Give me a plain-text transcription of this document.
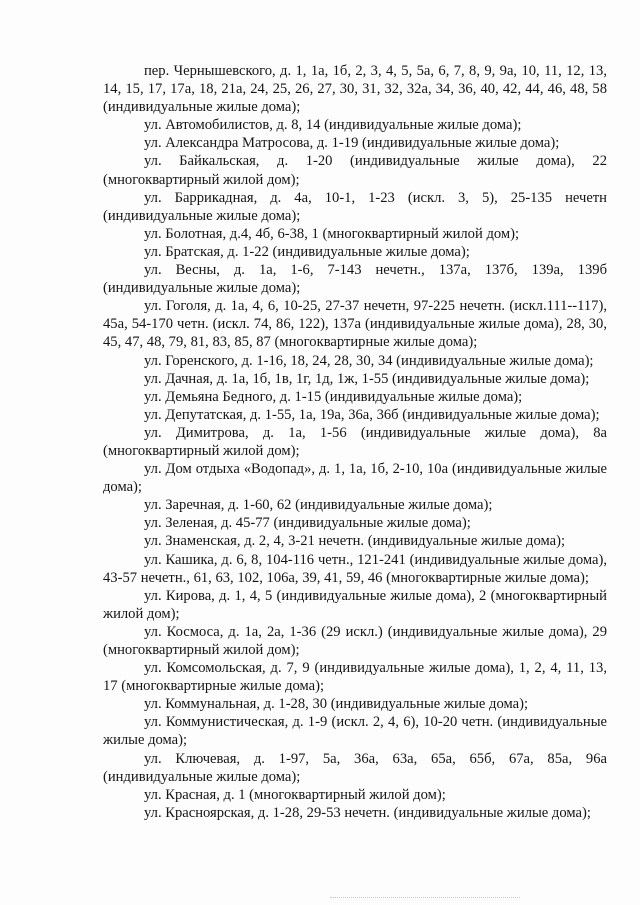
пер. Чернышевского, д. 1, 1а, 1б, 2, 3, 4, 5, 5а, 6, 7, 8, 9, 9а, 10, 11, 12, 13, 14, 15, 17, 17а, 18, 21а, 24, 25, 26, 27, 30, 31, 32, 32а, 34, 36, 40, 42, 44, 46, 48, 58 (индивидуальные жилые дома);

ул. Автомобилистов, д. 8, 14 (индивидуальные жилые дома);

ул. Александра Матросова, д. 1-19 (индивидуальные жилые дома);

ул. Байкальская, д. 1-20 (индивидуальные жилые дома), 22 (многоквартирный жилой дом);

ул. Баррикадная, д. 4а, 10-1, 1-23 (искл. 3, 5), 25-135 нечетн (индивидуальные жилые дома);

ул. Болотная, д.4, 4б, 6-38, 1 (многоквартирный жилой дом);

ул. Братская, д. 1-22 (индивидуальные жилые дома);

ул. Весны, д. 1а, 1-6, 7-143 нечетн., 137а, 137б, 139а, 139б (индивидуальные жилые дома);

ул. Гоголя, д. 1а, 4, 6, 10-25, 27-37 нечетн, 97-225 нечетн. (искл.111--117), 45а, 54-170 четн. (искл. 74, 86, 122), 137а (индивидуальные жилые дома), 28, 30, 45, 47, 48, 79, 81, 83, 85, 87 (многоквартирные жилые дома);

ул. Горенского, д. 1-16, 18, 24, 28, 30, 34 (индивидуальные жилые дома);

ул. Дачная, д. 1а, 1б, 1в, 1г, 1д, 1ж, 1-55 (индивидуальные жилые дома);

ул. Демьяна Бедного, д. 1-15 (индивидуальные жилые дома);

ул. Депутатская, д. 1-55, 1а, 19а, 36а, 36б (индивидуальные жилые дома);

ул. Димитрова, д. 1а, 1-56 (индивидуальные жилые дома), 8а (многоквартирный жилой дом);

ул. Дом отдыха «Водопад», д. 1, 1а, 1б, 2-10, 10а (индивидуальные жилые дома);

ул. Заречная, д. 1-60, 62 (индивидуальные жилые дома);

ул. Зеленая, д. 45-77 (индивидуальные жилые дома);

ул. Знаменская, д. 2, 4, 3-21 нечетн. (индивидуальные жилые дома);

ул. Кашика, д. 6, 8, 104-116 четн., 121-241 (индивидуальные жилые дома), 43-57 нечетн., 61, 63, 102, 106а, 39, 41, 59, 46 (многоквартирные жилые дома);

ул. Кирова, д. 1, 4, 5 (индивидуальные жилые дома), 2 (многоквартирный жилой дом);

ул. Космоса, д. 1а, 2а, 1-36 (29 искл.) (индивидуальные жилые дома), 29 (многоквартирный жилой дом);

ул. Комсомольская, д. 7, 9 (индивидуальные жилые дома), 1, 2, 4, 11, 13, 17 (многоквартирные жилые дома);

ул. Коммунальная, д. 1-28, 30 (индивидуальные жилые дома);

ул. Коммунистическая, д. 1-9 (искл. 2, 4, 6), 10-20 четн. (индивидуальные жилые дома);

ул. Ключевая, д. 1-97, 5а, 36а, 63а, 65а, 65б, 67а, 85а, 96а (индивидуальные жилые дома);

ул. Красная, д. 1 (многоквартирный жилой дом);

ул. Красноярская, д. 1-28, 29-53 нечетн. (индивидуальные жилые дома);
